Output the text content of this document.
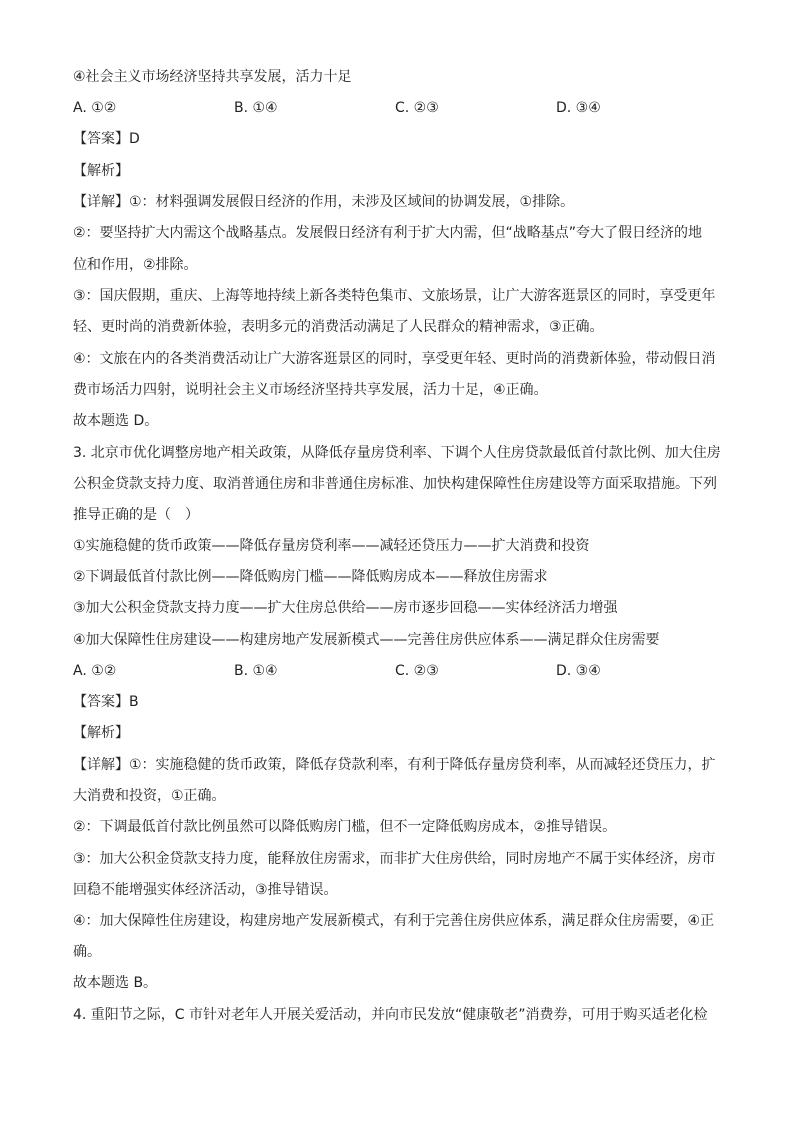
④社会主义市场经济坚持共享发展，活力十足
A. ①②	B. ①④	C. ②③	D. ③④
【答案】D
【解析】
【详解】①：材料强调发展假日经济的作用，未涉及区域间的协调发展，①排除。
②：要坚持扩大内需这个战略基点。发展假日经济有利于扩大内需，但“战略基点”夸大了假日经济的地
位和作用，②排除。
③：国庆假期，重庆、上海等地持续上新各类特色集市、文旅场景，让广大游客逛景区的同时，享受更年
轻、更时尚的消费新体验，表明多元的消费活动满足了人民群众的精神需求，③正确。
④：文旅在内的各类消费活动让广大游客逛景区的同时，享受更年轻、更时尚的消费新体验，带动假日消
费市场活力四射，说明社会主义市场经济坚持共享发展，活力十足，④正确。
故本题选 D。
3. 北京市优化调整房地产相关政策，从降低存量房贷利率、下调个人住房贷款最低首付款比例、加大住房
公积金贷款支持力度、取消普通住房和非普通住房标准、加快构建保障性住房建设等方面采取措施。下列
推导正确的是（　）
①实施稳健的货币政策——降低存量房贷利率——减轻还贷压力——扩大消费和投资
②下调最低首付款比例——降低购房门槛——降低购房成本——释放住房需求
③加大公积金贷款支持力度——扩大住房总供给——房市逐步回稳——实体经济活力增强
④加大保障性住房建设——构建房地产发展新模式——完善住房供应体系——满足群众住房需要
A. ①②	B. ①④	C. ②③	D. ③④
【答案】B
【解析】
【详解】①：实施稳健的货币政策，降低存贷款利率，有利于降低存量房贷利率，从而减轻还贷压力，扩
大消费和投资，①正确。
②：下调最低首付款比例虽然可以降低购房门槛，但不一定降低购房成本，②推导错误。
③：加大公积金贷款支持力度，能释放住房需求，而非扩大住房供给，同时房地产不属于实体经济，房市
回稳不能增强实体经济活动，③推导错误。
④：加大保障性住房建设，构建房地产发展新模式，有利于完善住房供应体系，满足群众住房需要，④正
确。
故本题选 B。
4. 重阳节之际，C 市针对老年人开展关爱活动，并向市民发放“健康敬老”消费券，可用于购买适老化检
